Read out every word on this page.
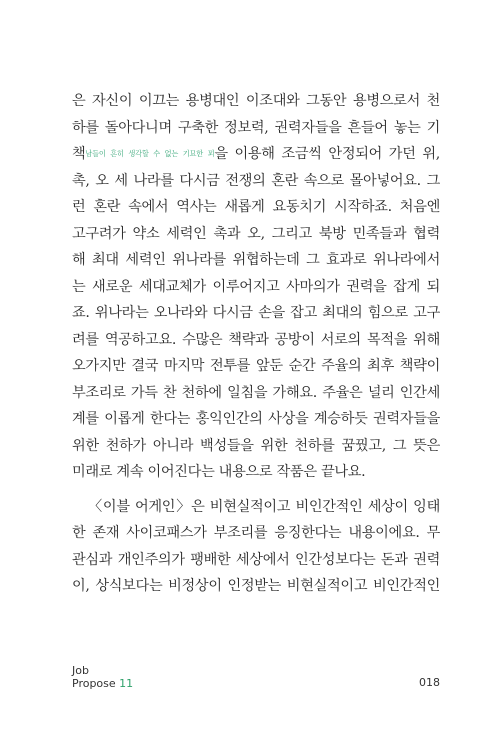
은 자신이 이끄는 용병대인 이조대와 그동안 용병으로서 천
하를 돌아다니며 구축한 정보력, 권력자들을 흔들어 놓는 기
책남들이 흔히 생각할 수 없는 기묘한 꾀을 이용해 조금씩 안정되어 가던 위,
촉, 오 세 나라를 다시금 전쟁의 혼란 속으로 몰아넣어요. 그
런 혼란 속에서 역사는 새롭게 요동치기 시작하죠. 처음엔
고구려가 약소 세력인 촉과 오, 그리고 북방 민족들과 협력
해 최대 세력인 위나라를 위협하는데 그 효과로 위나라에서
는 새로운 세대교체가 이루어지고 사마의가 권력을 잡게 되
죠. 위나라는 오나라와 다시금 손을 잡고 최대의 힘으로 고구
려를 역공하고요. 수많은 책략과 공방이 서로의 목적을 위해
오가지만 결국 마지막 전투를 앞둔 순간 주율의 최후 책략이
부조리로 가득 찬 천하에 일침을 가해요. 주율은 널리 인간세
계를 이롭게 한다는 홍익인간의 사상을 계승하듯 권력자들을
위한 천하가 아니라 백성들을 위한 천하를 꿈꿨고, 그 뜻은
미래로 계속 이어진다는 내용으로 작품은 끝나요.
〈이블 어게인〉은 비현실적이고 비인간적인 세상이 잉태
한 존재 사이코패스가 부조리를 응징한다는 내용이에요. 무
관심과 개인주의가 팽배한 세상에서 인간성보다는 돈과 권력
이, 상식보다는 비정상이 인정받는 비현실적이고 비인간적인
Job
Propose 11	018
